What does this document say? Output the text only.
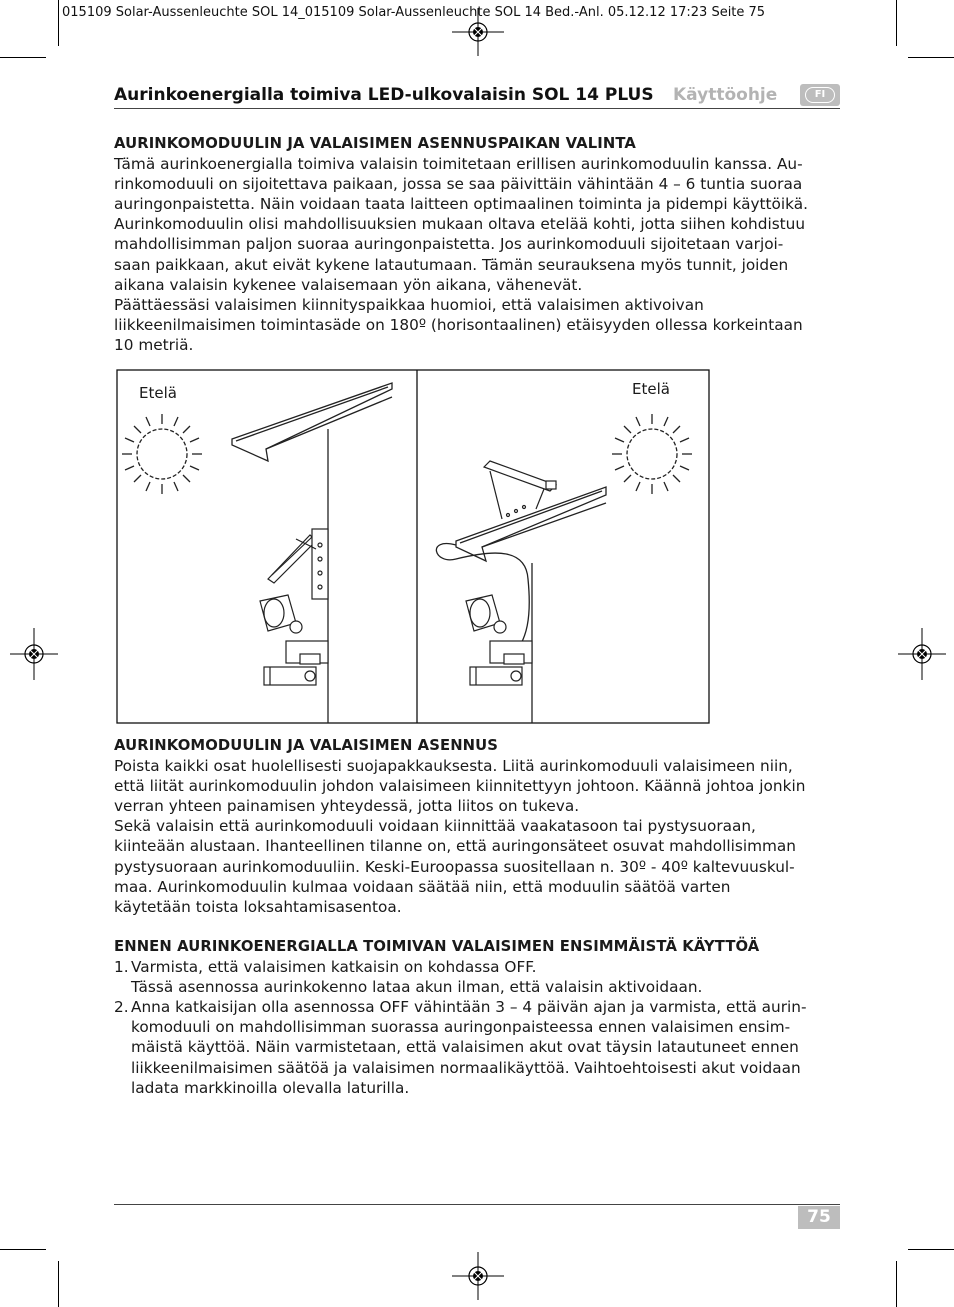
015109 Solar-Aussenleuchte SOL 14_015109 Solar-Aussenleuchte SOL 14 Bed.-Anl. 05.12.12 17:23 Seite 75
Aurinkoenergialla toimiva LED-ulkovalaisin SOL 14 PLUS Käyttöohje	FI
AURINKOMODUULIN JA VALAISIMEN ASENNUSPAIKAN VALINTA

Tämä aurinkoenergialla toimiva valaisin toimitetaan erillisen aurinkomoduulin kanssa. Au-

rinkomoduuli on sijoitettava paikaan, jossa se saa päivittäin vähintään 4 – 6 tuntia suoraa

auringonpaistetta. Näin voidaan taata laitteen optimaalinen toiminta ja pidempi käyttöikä.

Aurinkomoduulin olisi mahdollisuuksien mukaan oltava etelää kohti, jotta siihen kohdistuu

mahdollisimman paljon suoraa auringonpaistetta. Jos aurinkomoduuli sijoitetaan varjoi-

saan paikkaan, akut eivät kykene latautumaan. Tämän seurauksena myös tunnit, joiden

aikana valaisin kykenee valaisemaan yön aikana, vähenevät.

Päättäessäsi valaisimen kiinnityspaikkaa huomioi, että valaisimen aktivoivan

liikkeenilmaisimen toimintasäde on 180º (horisontaalinen) etäisyyden ollessa korkeintaan

10 metriä.

Etelä	Etelä
AURINKOMODUULIN JA VALAISIMEN ASENNUS

Poista kaikki osat huolellisesti suojapakkauksesta. Liitä aurinkomoduuli valaisimeen niin,

että liität aurinkomoduulin johdon valaisimeen kiinnitettyyn johtoon. Käännä johtoa jonkin

verran yhteen painamisen yhteydessä, jotta liitos on tukeva.

Sekä valaisin että aurinkomoduuli voidaan kiinnittää vaakatasoon tai pystysuoraan,

kiinteään alustaan. Ihanteellinen tilanne on, että auringonsäteet osuvat mahdollisimman

pystysuoraan aurinkomoduuliin. Keski-Euroopassa suositellaan n. 30º - 40º kaltevuuskul-

maa. Aurinkomoduulin kulmaa voidaan säätää niin, että moduulin säätöä varten

käytetään toista loksahtamisasentoa.

ENNEN AURINKOENERGIALLA TOIMIVAN VALAISIMEN ENSIMMÄISTÄ KÄYTTÖÄ
1. Varmista, että valaisimen katkaisin on kohdassa OFF.

Tässä asennossa aurinkokenno lataa akun ilman, että valaisin aktivoidaan.

2. Anna katkaisijan olla asennossa OFF vähintään 3 – 4 päivän ajan ja varmista, että aurin-

komoduuli on mahdollisimman suorassa auringonpaisteessa ennen valaisimen ensim-

mäistä käyttöä. Näin varmistetaan, että valaisimen akut ovat täysin latautuneet ennen

liikkeenilmaisimen säätöä ja valaisimen normaalikäyttöä. Vaihtoehtoisesti akut voidaan

ladata markkinoilla olevalla laturilla.

75
